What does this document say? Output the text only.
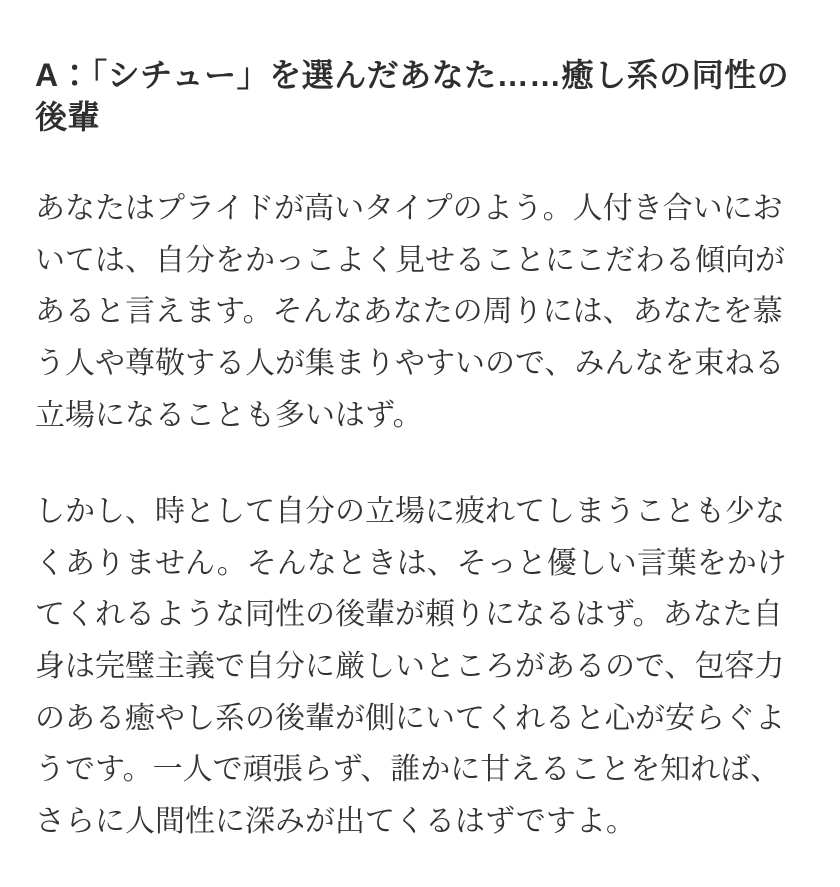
A：「シチュー」を選んだあなた……癒し系の同性の後輩

あなたはプライドが高いタイプのよう。人付き合いにおいては、自分をかっこよく見せることにこだわる傾向があると言えます。そんなあなたの周りには、あなたを慕う人や尊敬する人が集まりやすいので、みんなを束ねる立場になることも多いはず。

しかし、時として自分の立場に疲れてしまうことも少なくありません。そんなときは、そっと優しい言葉をかけてくれるような同性の後輩が頼りになるはず。あなた自身は完璧主義で自分に厳しいところがあるので、包容力のある癒やし系の後輩が側にいてくれると心が安らぐようです。一人で頑張らず、誰かに甘えることを知れば、さらに人間性に深みが出てくるはずですよ。
